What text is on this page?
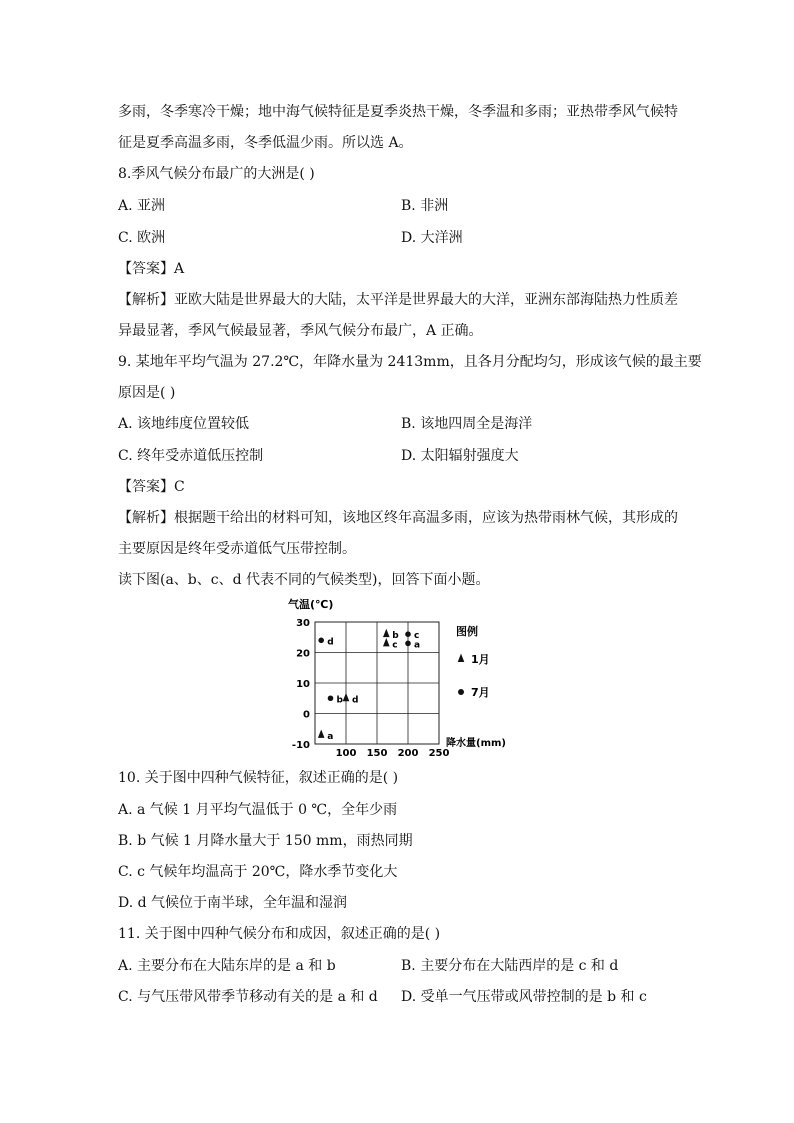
多雨，冬季寒冷干燥；地中海气候特征是夏季炎热干燥，冬季温和多雨；亚热带季风气候特
征是夏季高温多雨，冬季低温少雨。所以选 A。
8.季风气候分布最广的大洲是( )
A. 亚洲	B. 非洲
C. 欧洲	D. 大洋洲
【答案】A
【解析】亚欧大陆是世界最大的大陆，太平洋是世界最大的大洋，亚洲东部海陆热力性质差
异最显著，季风气候最显著，季风气候分布最广，A 正确。
9. 某地年平均气温为 27.2℃，年降水量为 2413mm，且各月分配均匀，形成该气候的最主要
原因是( )
A. 该地纬度位置较低	B. 该地四周全是海洋
C. 终年受赤道低压控制	D. 太阳辐射强度大
【答案】C
【解析】根据题干给出的材料可知，该地区终年高温多雨，应该为热带雨林气候，其形成的
主要原因是终年受赤道低气压带控制。
读下图(a、b、c、d 代表不同的气候类型)，回答下面小题。
气温(℃)
30
20
10
0
-10
100 150 200 250
降水量(mm)
a
b
c
d
a
b
c
d
图例
1月
7月
10. 关于图中四种气候特征，叙述正确的是( )
A. a 气候 1 月平均气温低于 0 ℃，全年少雨
B. b 气候 1 月降水量大于 150 mm，雨热同期
C. c 气候年均温高于 20℃，降水季节变化大
D. d 气候位于南半球，全年温和湿润
11. 关于图中四种气候分布和成因，叙述正确的是( )
A. 主要分布在大陆东岸的是 a 和 b	B. 主要分布在大陆西岸的是 c 和 d
C. 与气压带风带季节移动有关的是 a 和 d D. 受单一气压带或风带控制的是 b 和 c
